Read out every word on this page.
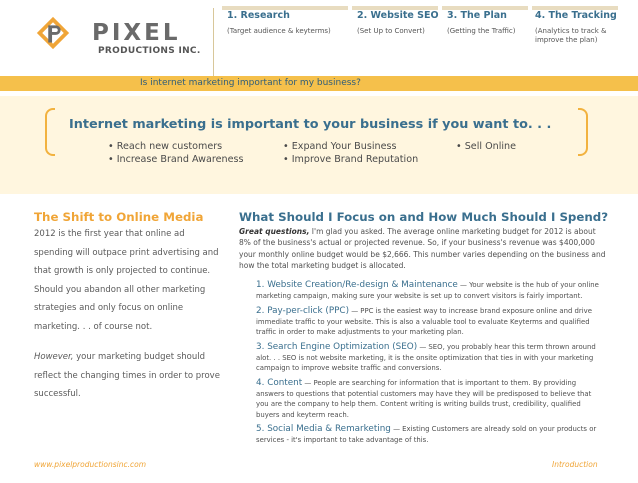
PIXEL
PRODUCTIONS INC.
1. Research
(Target audience & keyterms)
2. Website SEO
(Set Up to Convert)
3. The Plan
(Getting the Traffic)
4. The Tracking
(Analytics to track & improve the plan)
Is internet marketing important for my business?
Internet marketing is important to your business if you want to. . .
• Reach new customers
• Increase Brand Awareness
• Expand Your Business
• Improve Brand Reputation
• Sell Online
The Shift to Online Media
2012 is the first year that online ad spending will outpace print advertising and that growth is only projected to continue. Should you abandon all other marketing strategies and only focus on online marketing. . . of course not.
However, your marketing budget should reflect the changing times in order to prove successful.
What Should I Focus on and How Much Should I Spend?
Great questions, I'm glad you asked. The average online marketing budget for 2012 is about 8% of the business's actual or projected revenue. So, if your business's revenue was $400,000 your monthly online budget would be $2,666. This number varies depending on the business and how the total marketing budget is allocated.
1. Website Creation/Re-design & Maintenance — Your website is the hub of your online marketing campaign, making sure your website is set up to convert visitors is fairly important.
2. Pay-per-click (PPC) — PPC is the easiest way to increase brand exposure online and drive immediate traffic to your website. This is also a valuable tool to evaluate Keyterms and qualified traffic in order to make adjustments to your marketing plan.
3. Search Engine Optimization (SEO) — SEO, you probably hear this term thrown around alot. . . SEO is not website marketing, it is the onsite optimization that ties in with your marketing campaign to improve website traffic and conversions.
4. Content — People are searching for information that is important to them. By providing answers to questions that potential customers may have they will be predisposed to believe that you are the company to help them. Content writing is writing builds trust, credibility, qualified buyers and keyterm reach.
5. Social Media & Remarketing — Existing Customers are already sold on your products or services - it's important to take advantage of this.
www.pixelproductionsinc.com	Introduction
